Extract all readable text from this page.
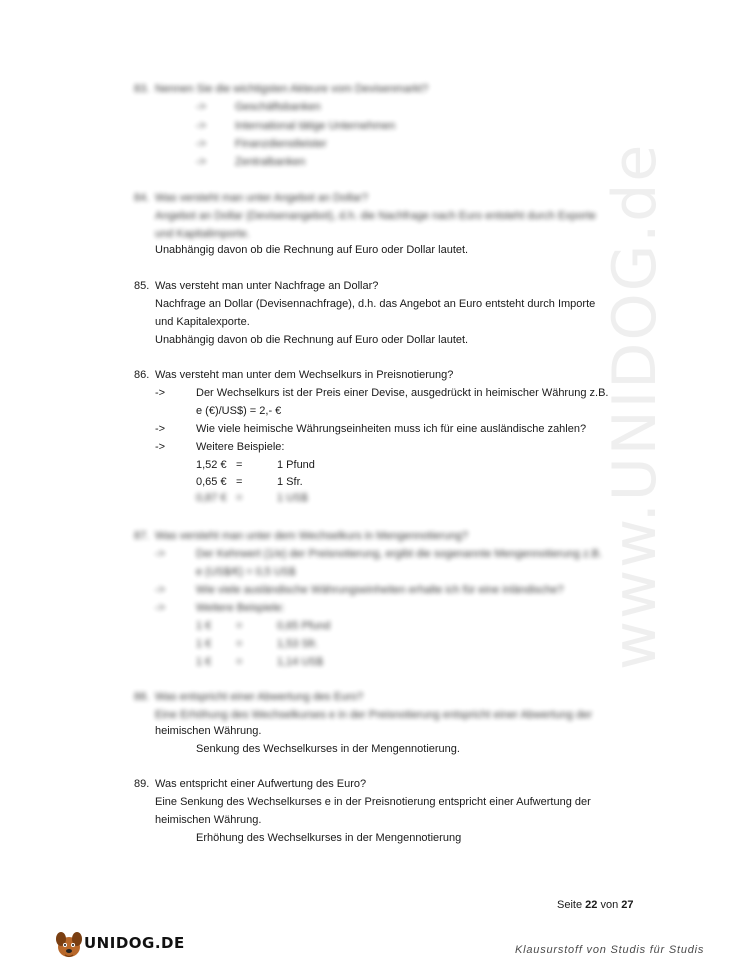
www.UNIDOG.de
83. Nennen Sie die wichtigsten Akteure vom Devisenmarkt?
->	Geschäftsbanken
->	International tätige Unternehmen
->	Finanzdienstleister
->	Zentralbanken
84. Was versteht man unter Angebot an Dollar?
Angebot an Dollar (Devisenangebot), d.h. die Nachfrage nach Euro entsteht durch Exporte
und Kapitalimporte.
Unabhängig davon ob die Rechnung auf Euro oder Dollar lautet.
85. Was versteht man unter Nachfrage an Dollar?
Nachfrage an Dollar (Devisennachfrage), d.h. das Angebot an Euro entsteht durch Importe
und Kapitalexporte.
Unabhängig davon ob die Rechnung auf Euro oder Dollar lautet.
86. Was versteht man unter dem Wechselkurs in Preisnotierung?
->	Der Wechselkurs ist der Preis einer Devise, ausgedrückt in heimischer Währung z.B.
e (€)/US$) = 2,- €
->	Wie viele heimische Währungseinheiten muss ich für eine ausländische zahlen?
->	Weitere Beispiele:
1,52 € =	1 Pfund
0,65 € =	1 Sfr.
0,87 € =	1 US$
87. Was versteht man unter dem Wechselkurs in Mengennotierung?
->	Der Kehrwert (1/e) der Preisnotierung, ergibt die sogenannte Mengennotierung z.B.
e (US$/€) = 0,5 US$
->	Wie viele ausländische Währungseinheiten erhalte ich für eine inländische?
->	Weitere Beispiele:
1 € =	0,65 Pfund
1 € =	1,53 Sfr.
1 € =	1,14 US$
88. Was entspricht einer Abwertung des Euro?
Eine Erhöhung des Wechselkurses e in der Preisnotierung entspricht einer Abwertung der
heimischen Währung.
Senkung des Wechselkurses in der Mengennotierung.
89. Was entspricht einer Aufwertung des Euro?
Eine Senkung des Wechselkurses e in der Preisnotierung entspricht einer Aufwertung der
heimischen Währung.
Erhöhung des Wechselkurses in der Mengennotierung
Seite 22 von 27
UNIDOG.DE	Klausurstoff von Studis für Studis
